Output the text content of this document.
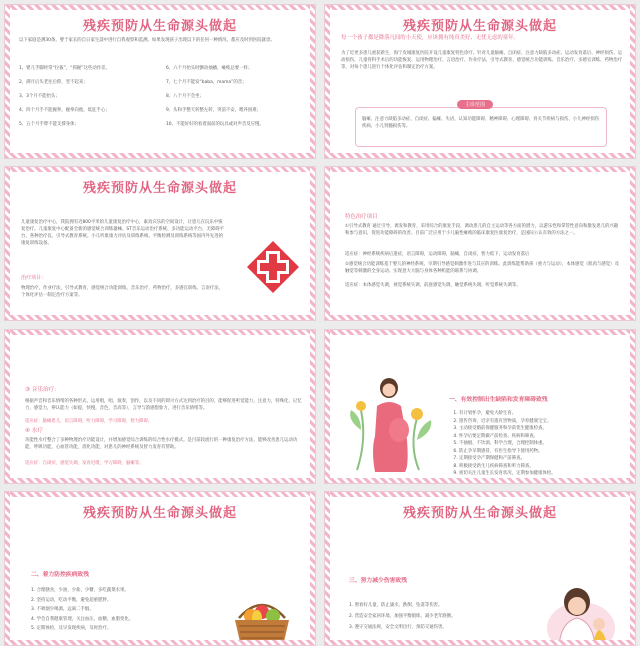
残疾预防从生命源头做起
以下家庭是测30条。婴于家长的自日家生談中进行自我观察和监测。如果发现孩子出现以下的任何一种情况，都应及时到医院就诊。
1、婴儿手脚经常“拉拔”，“抓握”这些动作差。	6、六个月抬头时颤动抽搐，瘫痪总要一样；
2、满月后头老往后仰，竖不起来；	7、七个月不能发“baba，mama”的音；
3、3个月不能抬头；	8、八个月不会坐；
4、四个月手不能握拳，握拳向他，低征手心；	9、头和手整天转整左转，突前不安，喂养困难；
5、五个月手臂不能支撑身体；	10、不能好好的看着面前的玩具或对声音反应慢。
残疾预防从生命源头做起
每一个孩子都是降落凡间的小天使，应该拥有纯真美好、无忧无虑的童年。
为了近更多患儿重获新生，海宁皮城康复医院开设儿童康复特色诊疗。针对儿童脑瘫、自闭症、注意力缺陷多动症、运动发育落后、神经损伤、运动损伤、儿童骨科手术后的功能恢复、运用物理治疗、言语治疗、作业疗法、引导式教育、感觉统合功能训练、音乐治疗、多感官训练、药物治疗等，对每个患儿进行个体化评估和制定治疗方案。
脑瘫、注意力缺陷多动症、自闭症、偏瘫、失语、认知功能障碍、精神障碍、心理障碍、骨关节疾病与损伤、小儿神经损伤疾病、小儿肾髓损伤等。
主诊范围
残疾预防从生命源头做起
儿童康复治疗中心，我院拥有近800平米的儿童康复治疗中心，素真宾乐的空间设计，让患儿在玩乐中恢复治疗。儿童康复中心配备全新的感觉统合训练器械、ST音乐运动治疗系统、多功能运动平台、无障碍平台、各种治疗仪、引导式教育系统。小儿听康康力评估及训练系统、平衡检测及训练系统等国内外先进的康复训练设备。
治疗项目：
物理治疗，作业疗法，引导式教育，感觉统合功能训练，音乐治疗，药物治疗，多感官训练，言语疗法，个体化评估一制定治疗方案等。
特色治疗项目
①引导式教育 通过引导，诱发和教育，采用综合的康复手段，调动患儿的自主运动等各方面的潜力，以游乐性和掌管性意向和激发患儿的兴趣和参与意识，促进功能障碍的改善。目前广泛应用于小儿脑性瘫痪的临床康复医康复治疗，是国际公认有效的方法之一。
适应症：神经系统疾病后遗症，语言障碍，运动障碍，脑瘫，自闭症，智力低下，运动发育落后
②感觉统合功能训练基于婴儿的神经系统、早期引导感觉刺激作进与其应的训练。此训练能帮助孩（重力与运动）、本体感觉（肌肉与感觉）及触觉等刺激的全身运动。实现意大大脑与身体各种机能的联系与协调。
适应症：本体感觉失调，视觉系统失调，前庭感觉失调，触觉系统失调，听觉系统失调等。
③ 音乐治疗：
根据声音和音乐情绪的各种形式，运用唱，唱，演奏，创作，以及不同的即兴方式达到治疗的目的，能够促进听觉能力，注意力，特殊化，记忆力，感觉力，辨认能力（如提，快慢，音色，音高等），言导与韵感想象力，进行音乐情绪等。
适应症：脑瘫患儿，语言障碍，听力障碍，学习障碍，智力障碍。
④ 水疗
功能性水疗整合了多种物理治疗功能设计，并增加感觉综合训练的综合性水疗模式。是目前较流行的一种康复治疗方法，能够改善患儿运动功能，呼吸功能，心血管功能，消化功能，对患儿的神经系统及智力发育有帮助。
适应症：自闭症，感觉失调，发育迟缓，学习障碍，脑瘫等。
一、有效控制出生缺陷和发育障碍致残
1. 有计划怀孕，避免大龄生育。
2. 遗传咨询，近亲有遗有害物质，孕育健康宝宝。
3. 主动接受婚前保健服务和孕前优生健康检查。
4. 怀孕后要定期做产前检查、疾病和筛查。
5. 不抽烟、不饮酒，科学合理，合理控制体重。
6. 防止孕早期感冒，有医生指导下使用药物。
7. 定期接受孕产期保健和产前筛查。
8. 积极接受新生儿疾病筛查和听力筛查。
9. 密切关注儿童生长发育状况，定期参加健康体检。
残疾预防从生命源头做起
二、着力防控疾病致残
1. 合理膳食，少油，少盐，少糖，多吃蔬菜水果。
2. 坚持运动，吃动平衡，避免超重肥胖。
3. 不吸烟少喝酒，远离二手烟。
4. 学会自我健康管理，关注血压，血糖，血脂变化。
5. 定期体检，及早发现疾病，及时治疗。
残疾预防从生命源头做起
三、努力减少伤害致残
1. 照看好儿童，防止溺水，跌倒，坠落等伤害。
2. 营造安全家居环境，加强平衡锻炼，减少老年跌倒。
3. 遵守交通法规，安全文明出行，预防交通伤害。
